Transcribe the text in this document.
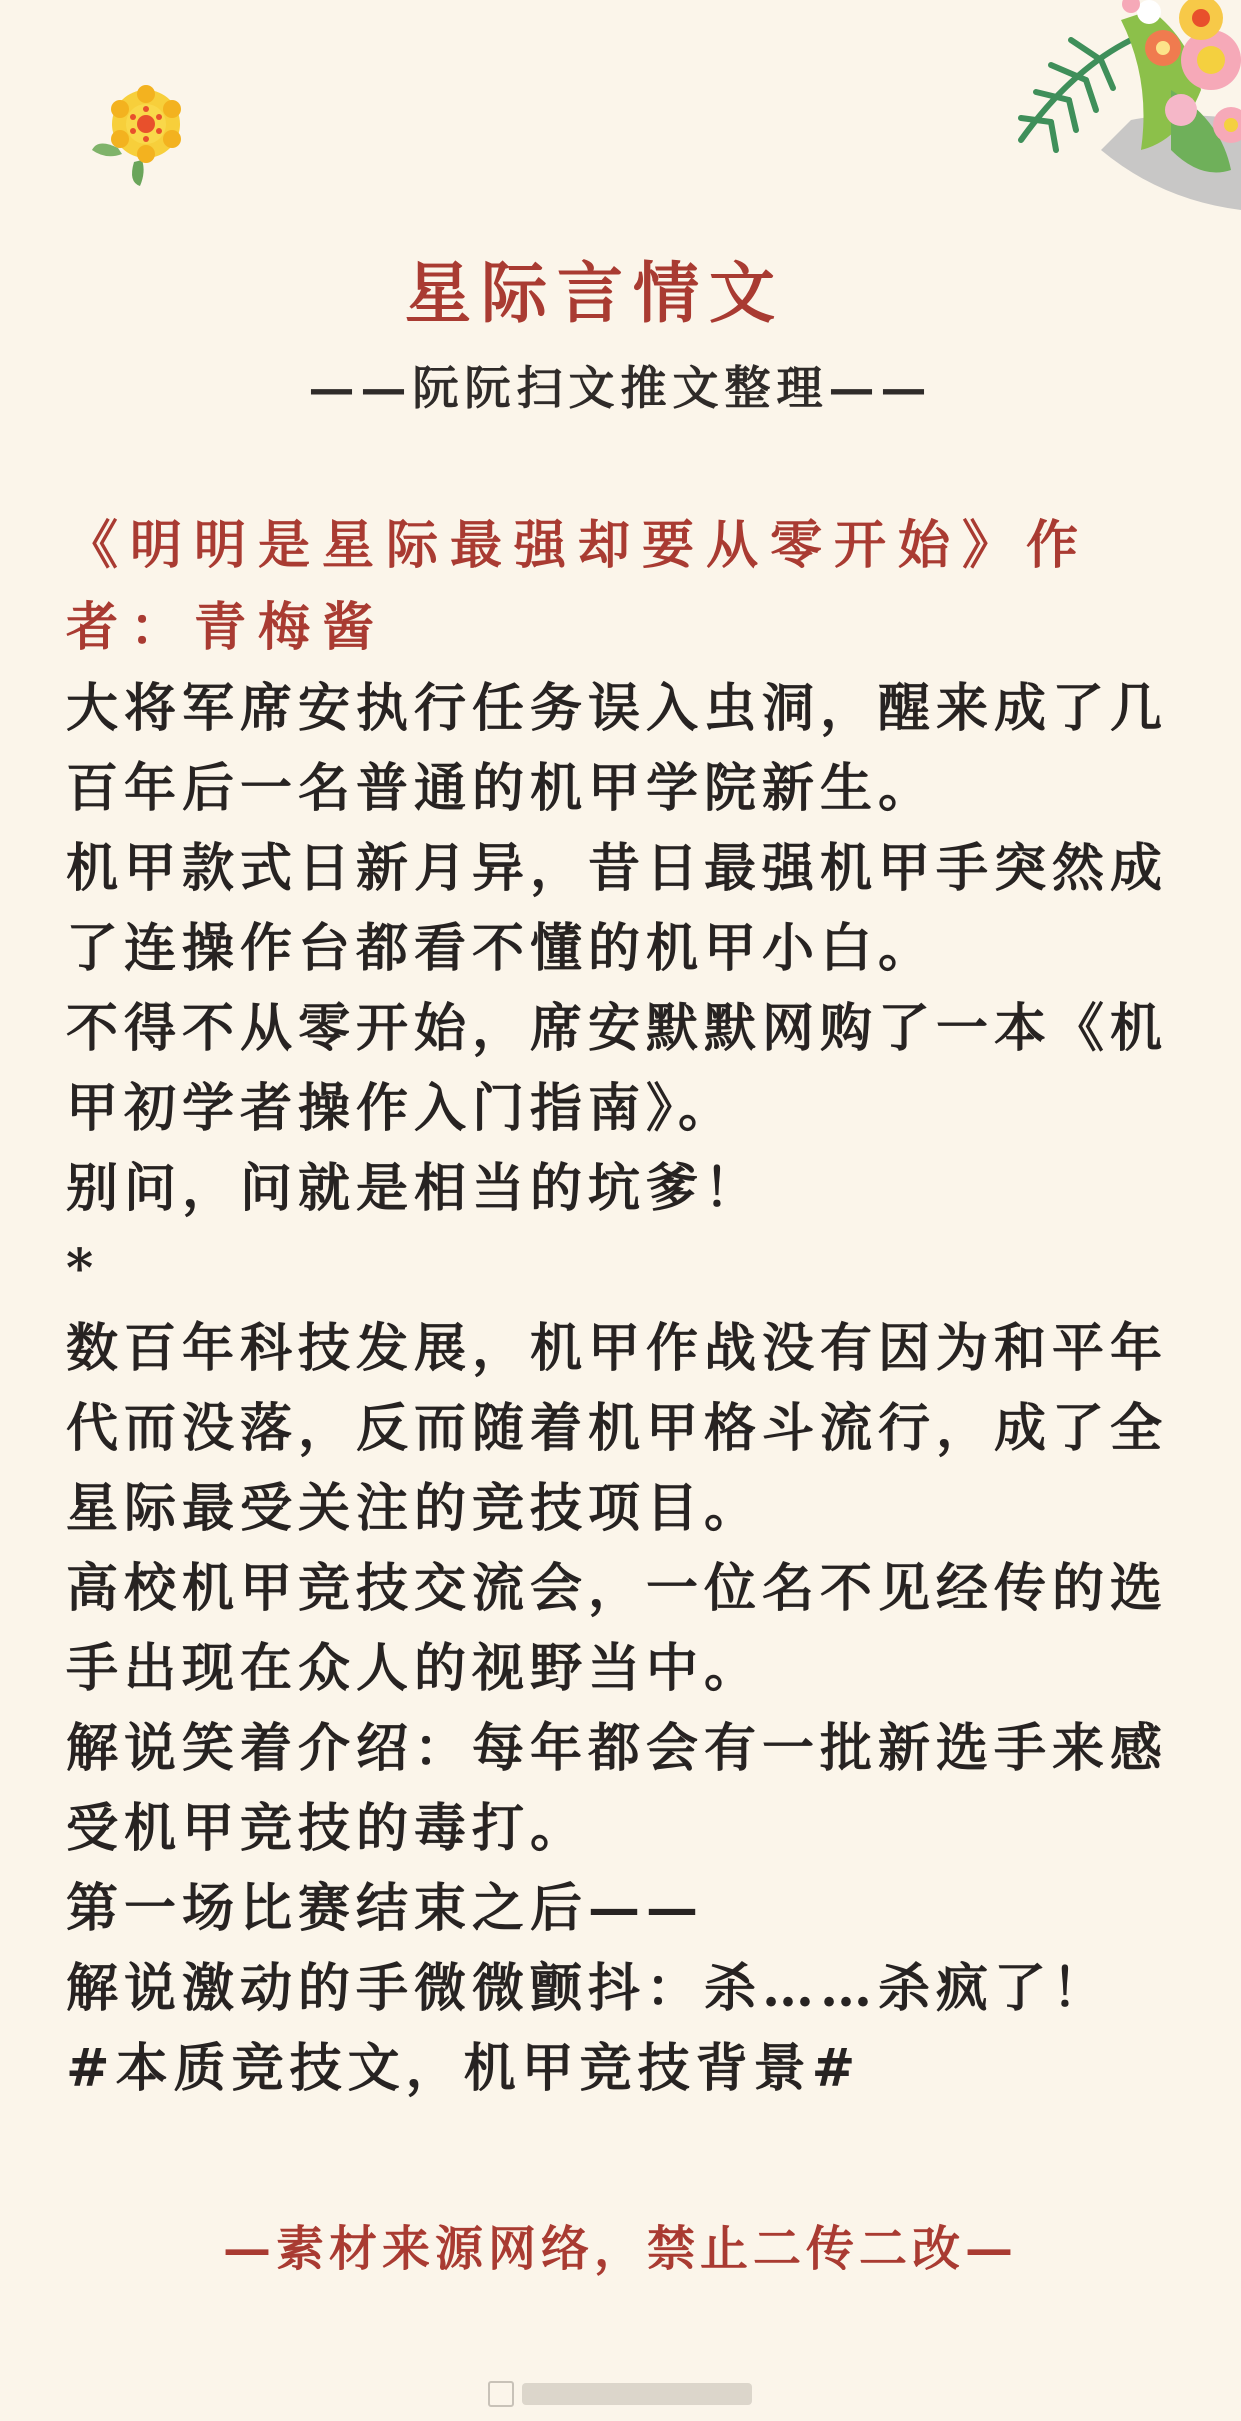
星际言情文
——阮阮扫文推文整理——

《明明是星际最强却要从零开始》作者：青梅酱

大将军席安执行任务误入虫洞，醒来成了几百年后一名普通的机甲学院新生。

机甲款式日新月异，昔日最强机甲手突然成了连操作台都看不懂的机甲小白。

不得不从零开始，席安默默网购了一本《机甲初学者操作入门指南》。

别问，问就是相当的坑爹！

*

数百年科技发展，机甲作战没有因为和平年代而没落，反而随着机甲格斗流行，成了全星际最受关注的竞技项目。

高校机甲竞技交流会，一位名不见经传的选手出现在众人的视野当中。

解说笑着介绍：每年都会有一批新选手来感受机甲竞技的毒打。

第一场比赛结束之后——

解说激动的手微微颤抖：杀……杀疯了！

#本质竞技文，机甲竞技背景#

—素材来源网络，禁止二传二改—
